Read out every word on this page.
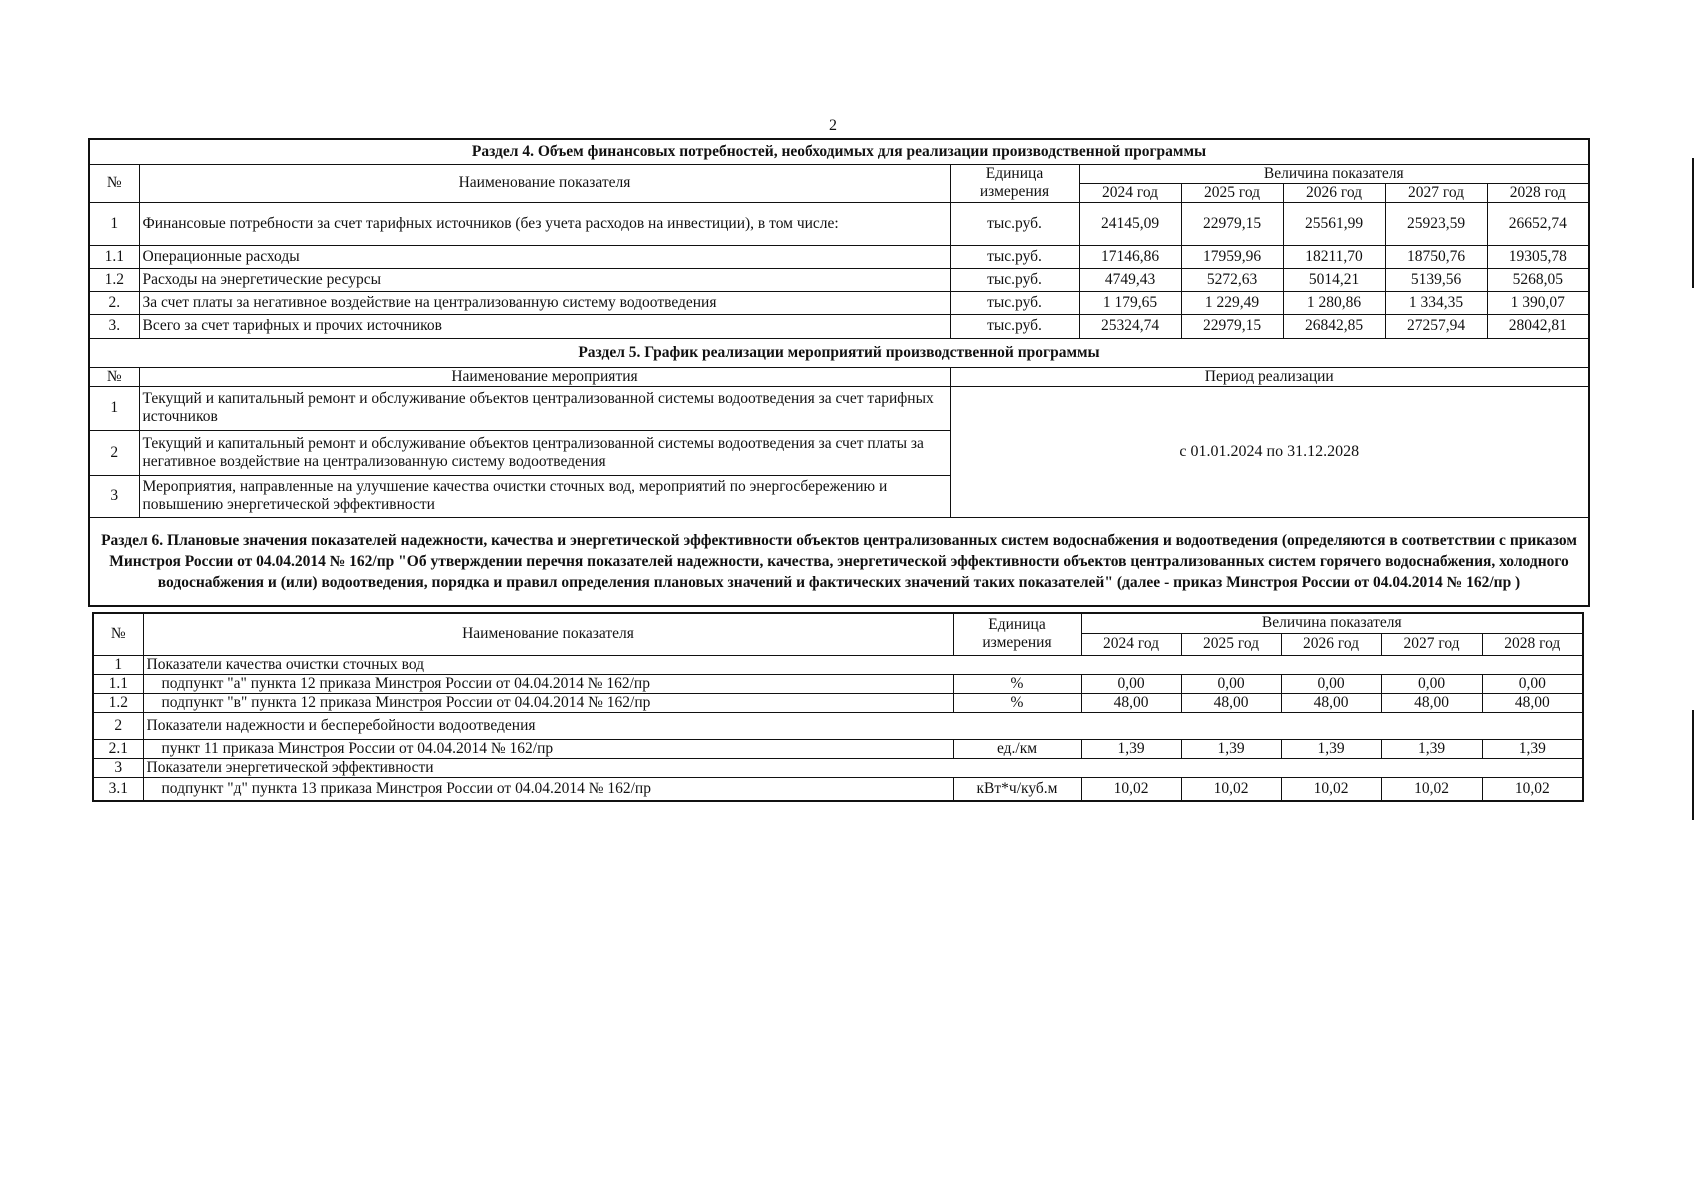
2
Раздел 4. Объем финансовых потребностей, необходимых для реализации производственной программы							
№	Наименование показателя	Единица
измерения	Величина показателя				
			2024 год	2025 год	2026 год	2027 год	2028 год
1	Финансовые потребности за счет тарифных источников (без учета расходов на инвестиции), в том числе:	тыс.руб.	24145,09	22979,15	25561,99	25923,59	26652,74
1.1	Операционные расходы	тыс.руб.	17146,86	17959,96	18211,70	18750,76	19305,78
1.2	Расходы на энергетические ресурсы	тыс.руб.	4749,43	5272,63	5014,21	5139,56	5268,05
2.	За счет платы за негативное воздействие на централизованную систему водоотведения	тыс.руб.	1 179,65	1 229,49	1 280,86	1 334,35	1 390,07
3.	Всего за счет тарифных и прочих источников	тыс.руб.	25324,74	22979,15	26842,85	27257,94	28042,81
Раздел 5. График реализации мероприятий производственной программы							
№	Наименование мероприятия	Период реализации					
1	Текущий и капитальный ремонт и обслуживание объектов централизованной системы водоотведения за счет тарифных источников	с 01.01.2024 по 31.12.2028					
2	Текущий и капитальный ремонт и обслуживание объектов централизованной системы водоотведения за счет платы за негативное воздействие на централизованную систему водоотведения						
3	Мероприятия, направленные на улучшение качества очистки сточных вод, мероприятий по энергосбережению и повышению энергетической эффективности						
Раздел 6. Плановые значения показателей надежности, качества и энергетической эффективности объектов централизованных систем водоснабжения и водоотведения (определяются в соответствии с приказом Минстроя России от 04.04.2014 № 162/пр "Об утверждении перечня показателей надежности, качества, энергетической эффективности объектов централизованных систем горячего водоснабжения, холодного водоснабжения и (или) водоотведения, порядка и правил определения плановых значений и фактических значений таких показателей" (далее - приказ Минстроя России от 04.04.2014 № 162/пр )							
№	Наименование показателя	Единица
измерения	Величина показателя				
			2024 год	2025 год	2026 год	2027 год	2028 год
1	Показатели качества очистки сточных вод						
1.1	подпункт "а" пункта 12 приказа Минстроя России от 04.04.2014 № 162/пр	%	0,00	0,00	0,00	0,00	0,00
1.2	подпункт "в" пункта 12 приказа Минстроя России от 04.04.2014 № 162/пр	%	48,00	48,00	48,00	48,00	48,00
2	Показатели надежности и бесперебойности водоотведения						
2.1	пункт 11 приказа Минстроя России от 04.04.2014 № 162/пр	ед./км	1,39	1,39	1,39	1,39	1,39
3	Показатели энергетической эффективности						
3.1	подпункт "д" пункта 13 приказа Минстроя России от 04.04.2014 № 162/пр	кВт*ч/куб.м	10,02	10,02	10,02	10,02	10,02
